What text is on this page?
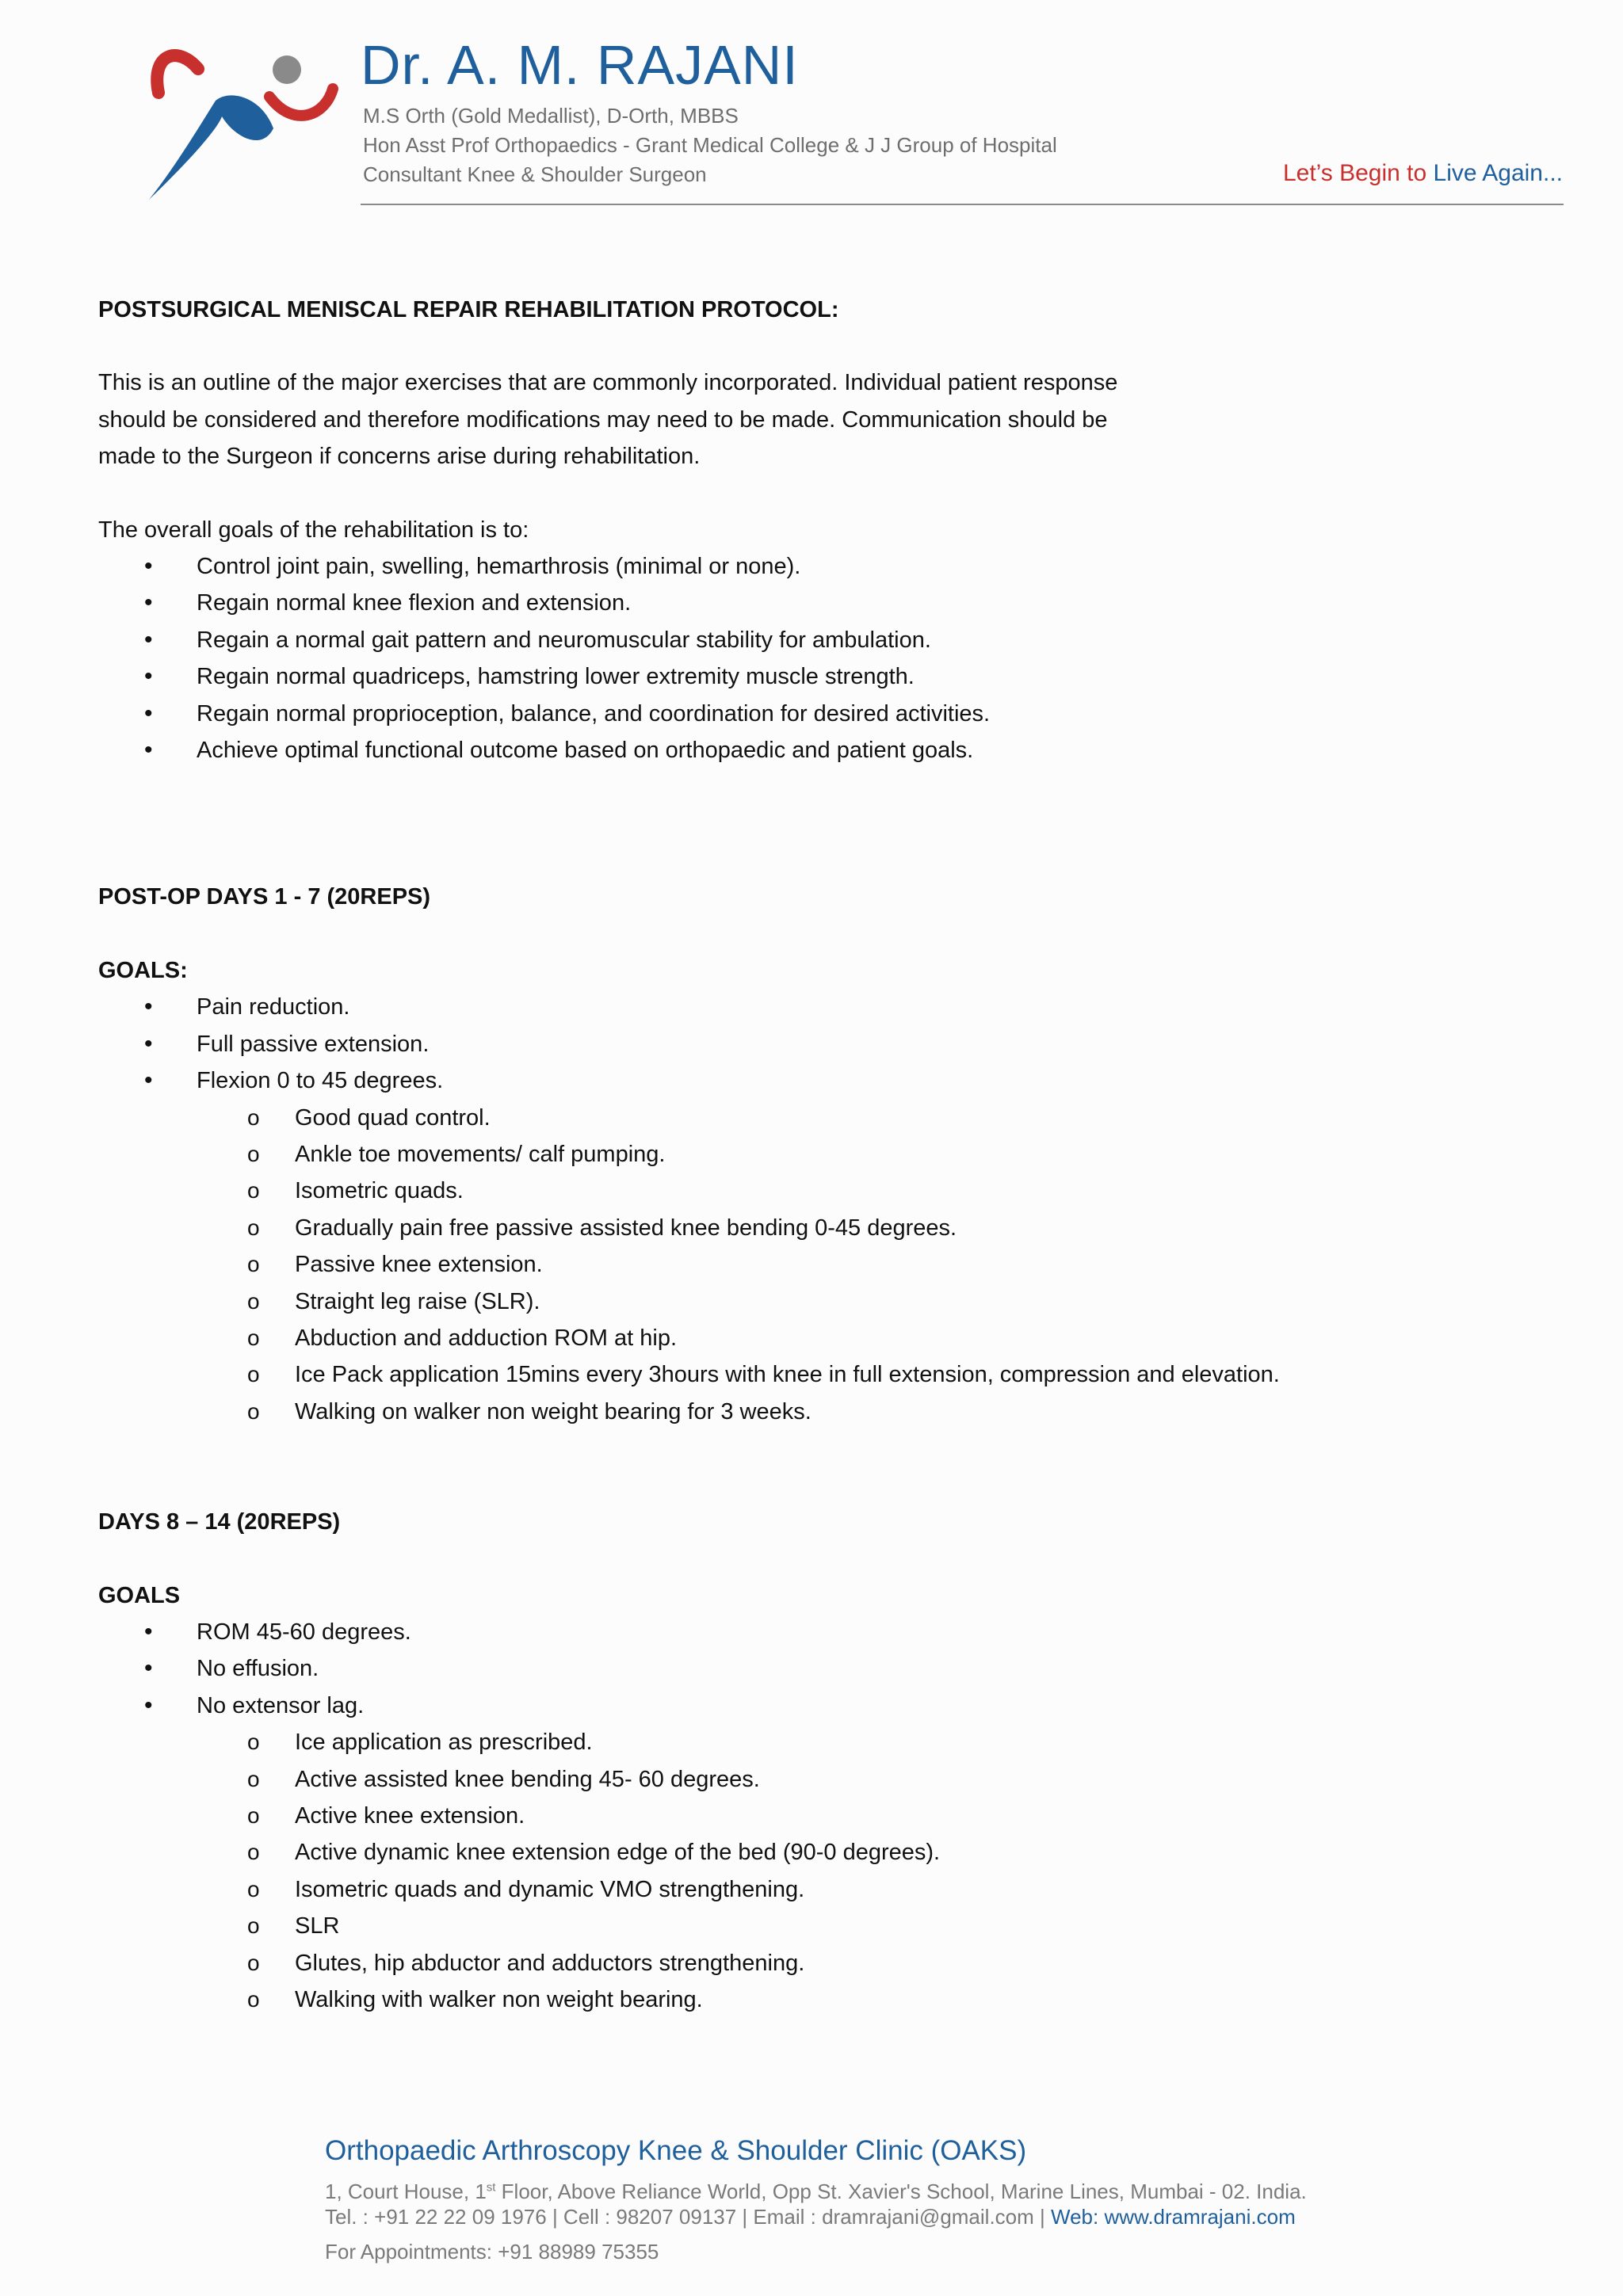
Dr. A. M. RAJANI
M.S Orth (Gold Medallist), D-Orth, MBBS
Hon Asst Prof Orthopaedics - Grant Medical College & J J Group of Hospital
Consultant Knee & Shoulder Surgeon	Let’s Begin to Live Again...

POSTSURGICAL MENISCAL REPAIR REHABILITATION PROTOCOL:

This is an outline of the major exercises that are commonly incorporated. Individual patient response

should be considered and therefore modifications may need to be made. Communication should be

made to the Surgeon if concerns arise during rehabilitation.

The overall goals of the rehabilitation is to:

• Control joint pain, swelling, hemarthrosis (minimal or none).
• Regain normal knee flexion and extension.
• Regain a normal gait pattern and neuromuscular stability for ambulation.
• Regain normal quadriceps, hamstring lower extremity muscle strength.
• Regain normal proprioception, balance, and coordination for desired activities.
• Achieve optimal functional outcome based on orthopaedic and patient goals.

POST-OP DAYS 1 - 7 (20REPS)

GOALS:

• Pain reduction.
• Full passive extension.
• Flexion 0 to 45 degrees.
o Good quad control.
o Ankle toe movements/ calf pumping.
o Isometric quads.
o Gradually pain free passive assisted knee bending 0-45 degrees.
o Passive knee extension.
o Straight leg raise (SLR).
o Abduction and adduction ROM at hip.
o Ice Pack application 15mins every 3hours with knee in full extension, compression and elevation.
o Walking on walker non weight bearing for 3 weeks.

DAYS 8 – 14 (20REPS)

GOALS

• ROM 45-60 degrees.
• No effusion.
• No extensor lag.
o Ice application as prescribed.
o Active assisted knee bending 45- 60 degrees.
o Active knee extension.
o Active dynamic knee extension edge of the bed (90-0 degrees).
o Isometric quads and dynamic VMO strengthening.
o SLR
o Glutes, hip abductor and adductors strengthening.
o Walking with walker non weight bearing.
Orthopaedic Arthroscopy Knee & Shoulder Clinic (OAKS)
1, Court House, 1st Floor, Above Reliance World, Opp St. Xavier's School, Marine Lines, Mumbai - 02. India.
Tel. : +91 22 22 09 1976 | Cell : 98207 09137 | Email : dramrajani@gmail.com | Web: www.dramrajani.com
For Appointments: +91 88989 75355
